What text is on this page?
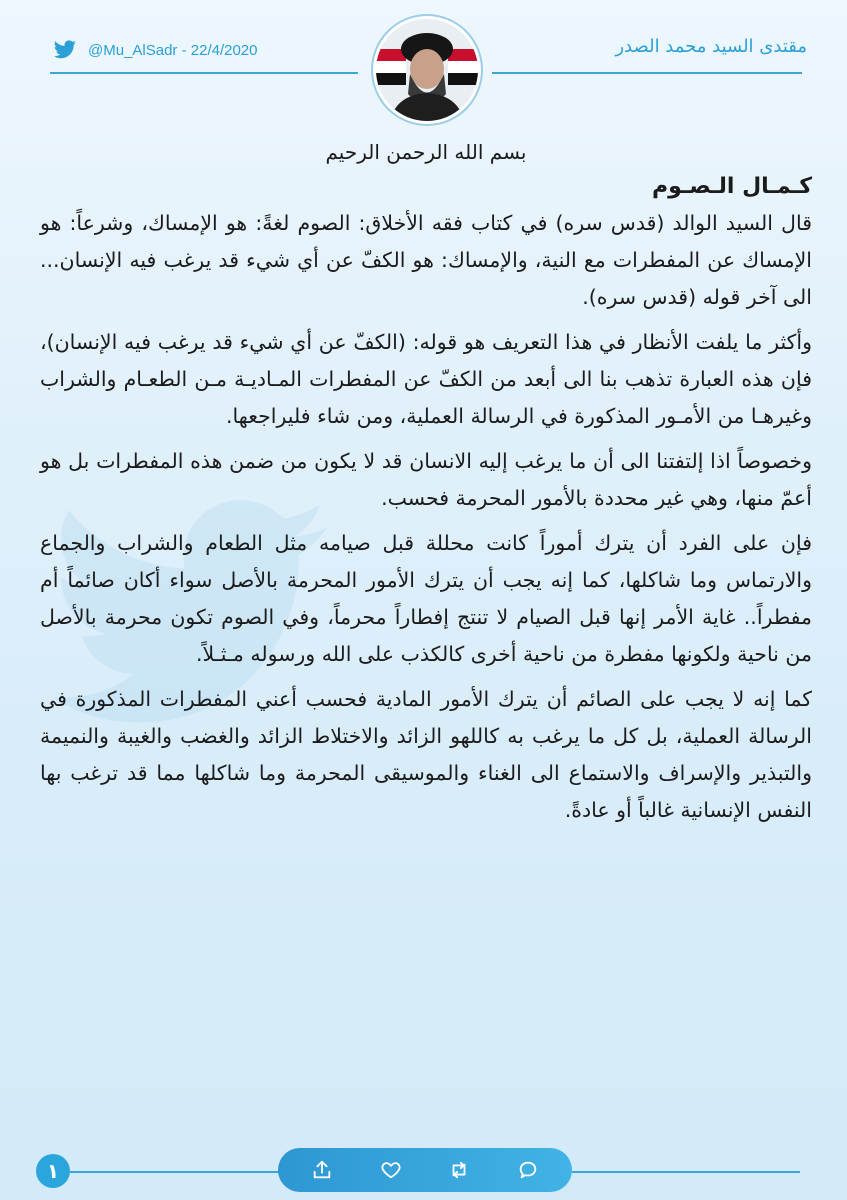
@Mu_AlSadr - 22/4/2020	مقتدى السيد محمد الصدر

بسم الله الرحمن الرحيم

كـمـال الـصـوم

قال السيد الوالد (قدس سره) في كتاب فقه الأخلاق: الصوم لغةً: هو الإمساك، وشرعاً: هو الإمساك عن المفطرات مع النية، والإمساك: هو الكفّ عن أي شيء قد يرغب فيه الإنسان... الى آخر قوله (قدس سره).

وأكثر ما يلفت الأنظار في هذا التعريف هو قوله: (الكفّ عن أي شيء قد يرغب فيه الإنسان)، فإن هذه العبارة تذهب بنا الى أبعد من الكفّ عن المفطرات المـاديـة مـن الطعـام والشراب وغيرهـا من الأمـور المذكورة في الرسالة العملية، ومن شاء فليراجعها.

وخصوصاً اذا إلتفتنا الى أن ما يرغب إليه الانسان قد لا يكون من ضمن هذه المفطرات بل هو أعمّ منها، وهي غير محددة بالأمور المحرمة فحسب.

فإن على الفرد أن يترك أموراً كانت محللة قبل صيامه مثل الطعام والشراب والجماع والارتماس وما شاكلها، كما إنه يجب أن يترك الأمور المحرمة بالأصل سواء أكان صائماً أم مفطراً.. غاية الأمر إنها قبل الصيام لا تنتج إفطاراً محرماً، وفي الصوم تكون محرمة بالأصل من ناحية ولكونها مفطرة من ناحية أخرى كالكذب على الله ورسوله مـثـلاً.

كما إنه لا يجب على الصائم أن يترك الأمور المادية فحسب أعني المفطرات المذكورة في الرسالة العملية، بل كل ما يرغب به كاللهو الزائد والاختلاط الزائد والغضب والغيبة والنميمة والتبذير والإسراف والاستماع الى الغناء والموسيقى المحرمة وما شاكلها مما قد ترغب بها النفس الإنسانية غالباً أو عادةً.

١
